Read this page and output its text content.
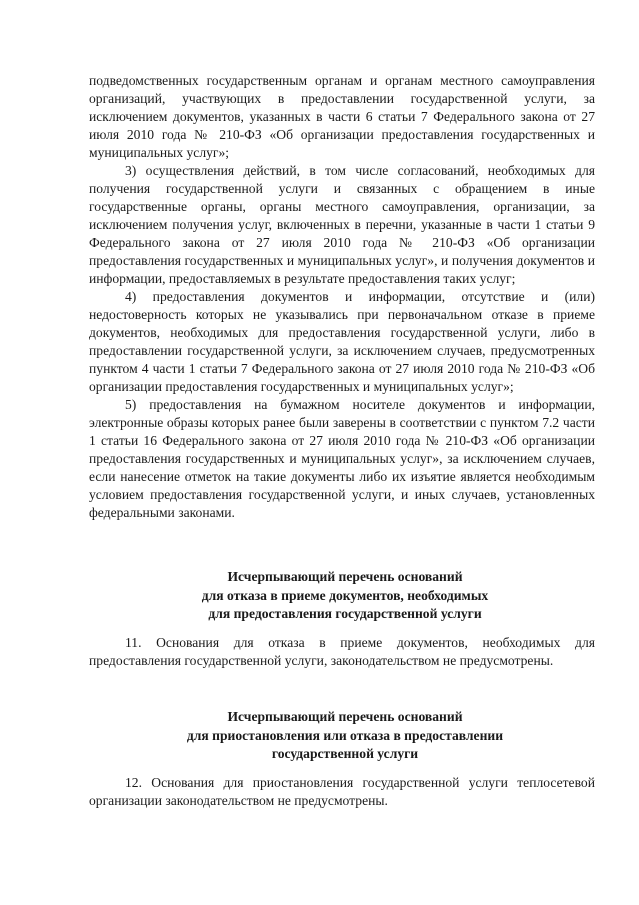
подведомственных государственным органам и органам местного самоуправления организаций, участвующих в предоставлении государственной услуги, за исключением документов, указанных в части 6 статьи 7 Федерального закона от 27 июля 2010 года № 210-ФЗ «Об организации предоставления государственных и муниципальных услуг»;

3) осуществления действий, в том числе согласований, необходимых для получения государственной услуги и связанных с обращением в иные государственные органы, органы местного самоуправления, организации, за исключением получения услуг, включенных в перечни, указанные в части 1 статьи 9 Федерального закона от 27 июля 2010 года № 210-ФЗ «Об организации предоставления государственных и муниципальных услуг», и получения документов и информации, предоставляемых в результате предоставления таких услуг;

4) предоставления документов и информации, отсутствие и (или) недостоверность которых не указывались при первоначальном отказе в приеме документов, необходимых для предоставления государственной услуги, либо в предоставлении государственной услуги, за исключением случаев, предусмотренных пунктом 4 части 1 статьи 7 Федерального закона от 27 июля 2010 года № 210-ФЗ «Об организации предоставления государственных и муниципальных услуг»;

5) предоставления на бумажном носителе документов и информации, электронные образы которых ранее были заверены в соответствии с пунктом 7.2 части 1 статьи 16 Федерального закона от 27 июля 2010 года № 210-ФЗ «Об организации предоставления государственных и муниципальных услуг», за исключением случаев, если нанесение отметок на такие документы либо их изъятие является необходимым условием предоставления государственной услуги, и иных случаев, установленных федеральными законами.

Исчерпывающий перечень оснований
для отказа в приеме документов, необходимых
для предоставления государственной услуги

11. Основания для отказа в приеме документов, необходимых для предоставления государственной услуги, законодательством не предусмотрены.

Исчерпывающий перечень оснований
для приостановления или отказа в предоставлении
государственной услуги

12. Основания для приостановления государственной услуги теплосетевой организации законодательством не предусмотрены.
